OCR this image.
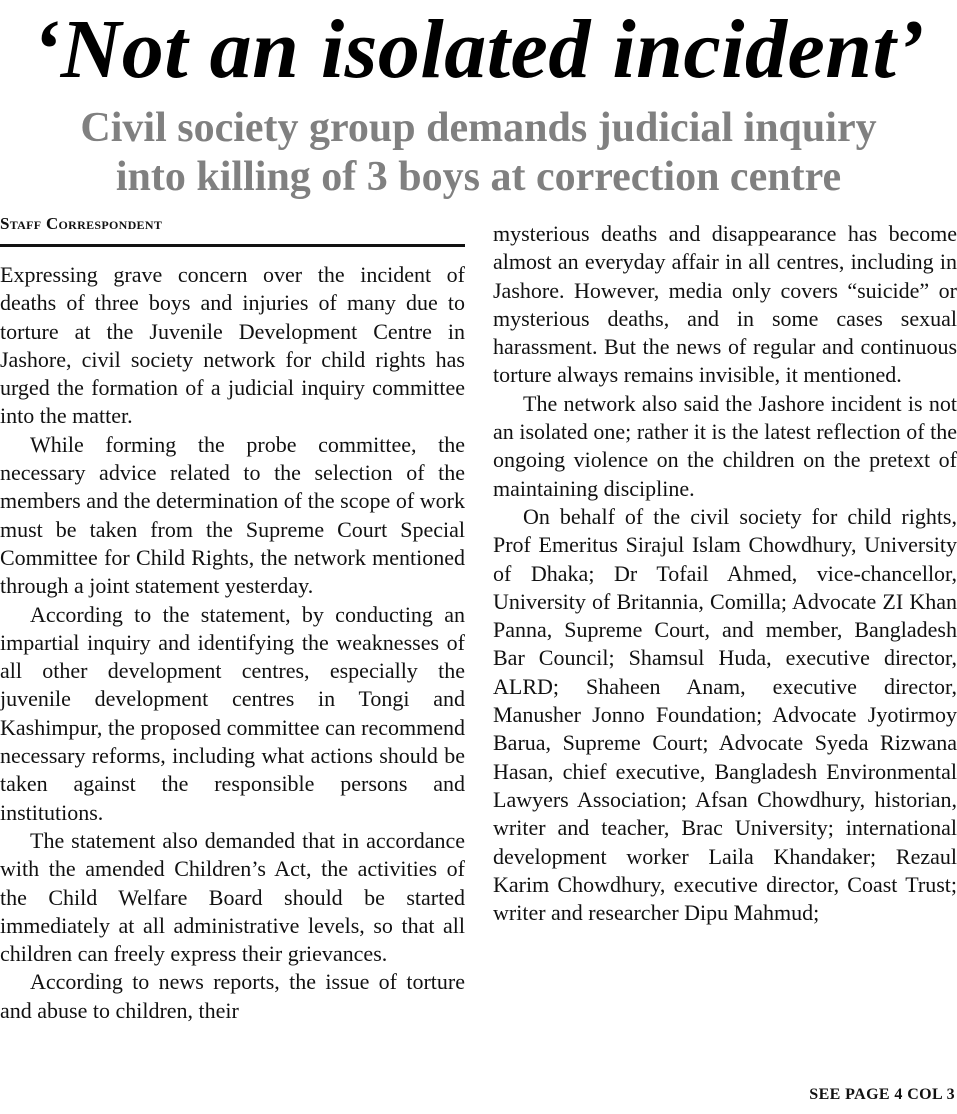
‘Not an isolated incident’
Civil society group demands judicial inquiry
into killing of 3 boys at correction centre
Staff Correspondent

Expressing grave concern over the incident of deaths of three boys and injuries of many due to torture at the Juvenile Development Centre in Jashore, civil society network for child rights has urged the formation of a judicial inquiry committee into the matter.

While forming the probe committee, the necessary advice related to the selection of the members and the determination of the scope of work must be taken from the Supreme Court Special Committee for Child Rights, the network mentioned through a joint statement yesterday.

According to the statement, by conducting an impartial inquiry and identifying the weaknesses of all other development centres, especially the juvenile development centres in Tongi and Kashimpur, the proposed committee can recommend necessary reforms, including what actions should be taken against the responsible persons and institutions.

The statement also demanded that in accordance with the amended Children’s Act, the activities of the Child Welfare Board should be started immediately at all administrative levels, so that all children can freely express their grievances.

According to news reports, the issue of torture and abuse to children, their

mysterious deaths and disappearance has become almost an everyday affair in all centres, including in Jashore. However, media only covers “suicide” or mysterious deaths, and in some cases sexual harassment. But the news of regular and continuous torture always remains invisible, it mentioned.

The network also said the Jashore incident is not an isolated one; rather it is the latest reflection of the ongoing violence on the children on the pretext of maintaining discipline.

On behalf of the civil society for child rights, Prof Emeritus Sirajul Islam Chowdhury, University of Dhaka; Dr Tofail Ahmed, vice-chancellor, University of Britannia, Comilla; Advocate ZI Khan Panna, Supreme Court, and member, Bangladesh Bar Council; Shamsul Huda, executive director, ALRD; Shaheen Anam, executive director, Manusher Jonno Foundation; Advocate Jyotirmoy Barua, Supreme Court; Advocate Syeda Rizwana Hasan, chief executive, Bangladesh Environmental Lawyers Association; Afsan Chowdhury, historian, writer and teacher, Brac University; international development worker Laila Khandaker; Rezaul Karim Chowdhury, executive director, Coast Trust; writer and researcher Dipu Mahmud;

SEE PAGE 4 COL 3
